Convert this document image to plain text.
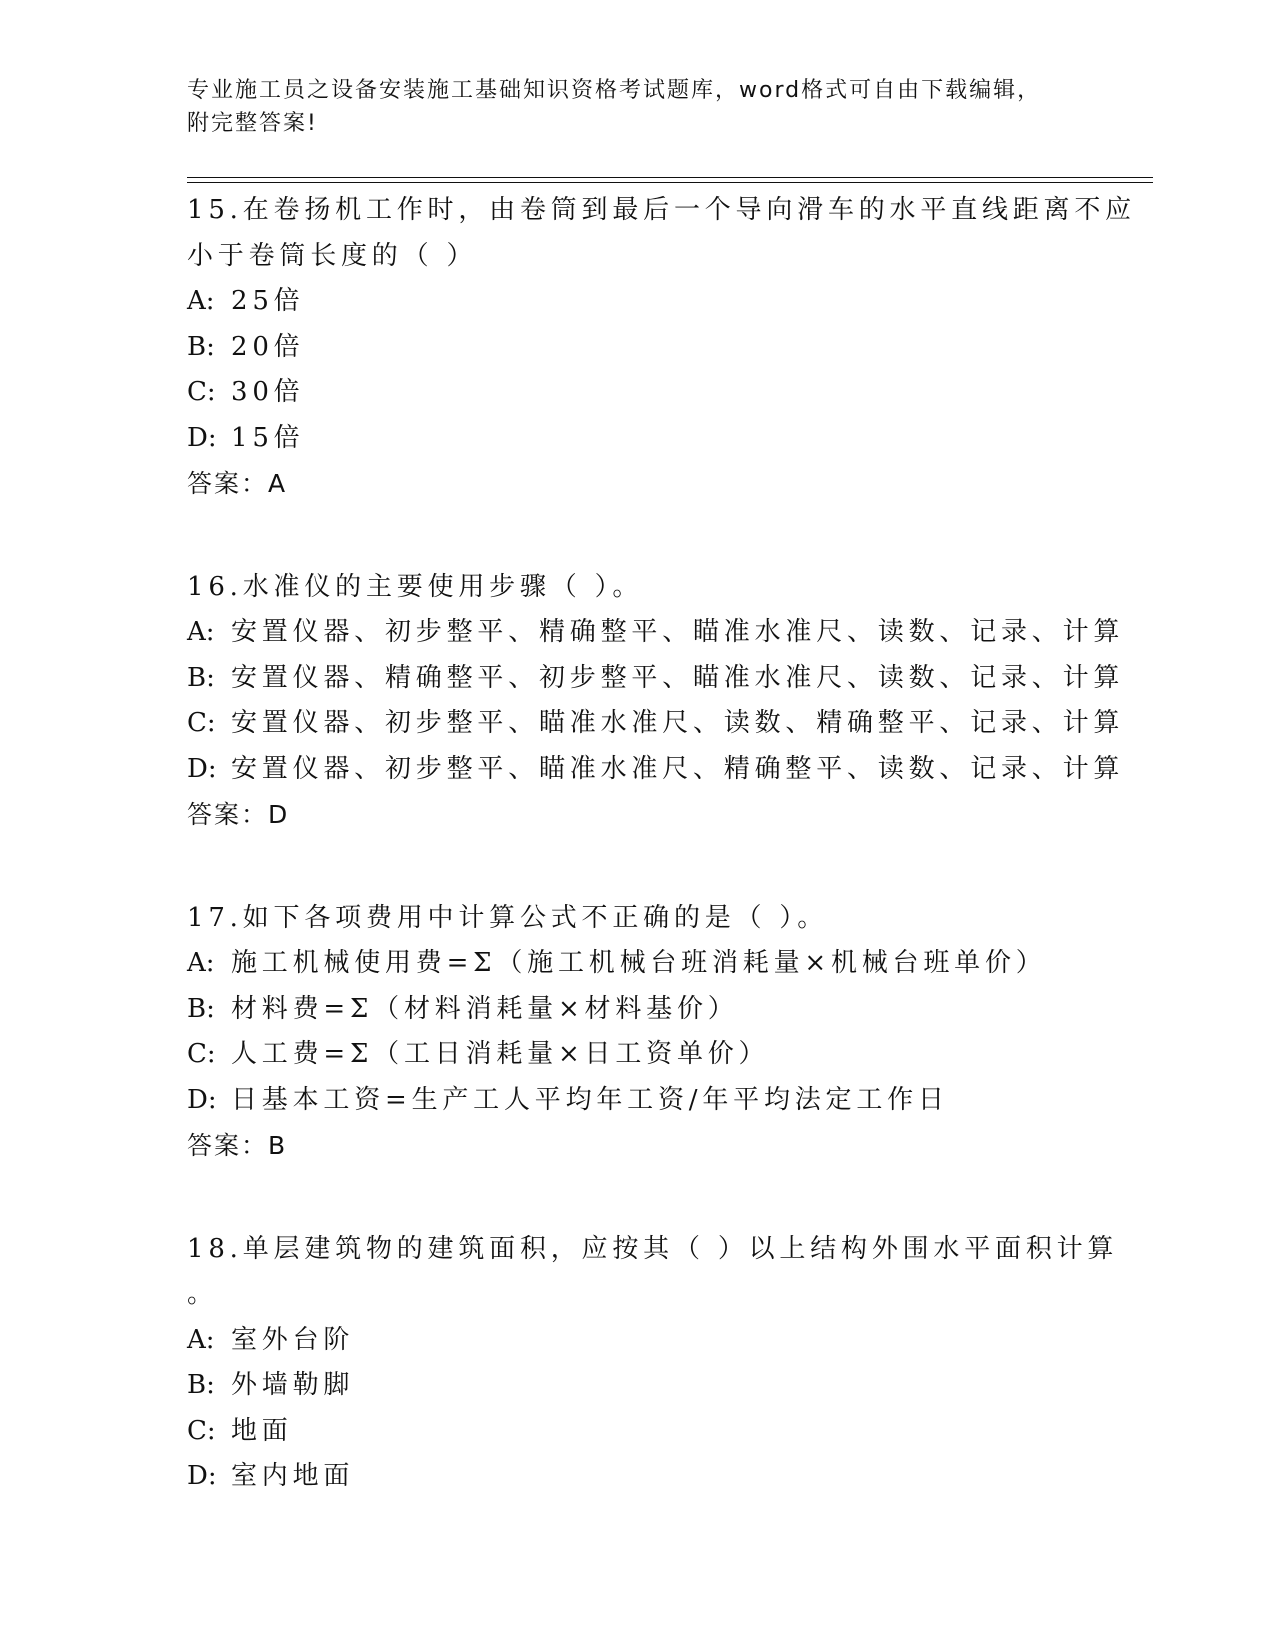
专业施工员之设备安装施工基础知识资格考试题库，word格式可自由下载编辑，
附完整答案!
15.在卷扬机工作时，由卷筒到最后一个导向滑车的水平直线距离不应
小于卷筒长度的（ ）
A: 25倍
B: 20倍
C: 30倍
D: 15倍
答案：A
16.水准仪的主要使用步骤（ ）。
A: 安置仪器、初步整平、精确整平、瞄准水准尺、读数、记录、计算
B: 安置仪器、精确整平、初步整平、瞄准水准尺、读数、记录、计算
C: 安置仪器、初步整平、瞄准水准尺、读数、精确整平、记录、计算
D: 安置仪器、初步整平、瞄准水准尺、精确整平、读数、记录、计算
答案：D
17.如下各项费用中计算公式不正确的是（ ）。
A: 施工机械使用费=Σ（施工机械台班消耗量×机械台班单价）
B: 材料费=Σ（材料消耗量×材料基价）
C: 人工费=Σ（工日消耗量×日工资单价）
D: 日基本工资=生产工人平均年工资/年平均法定工作日
答案：B
18.单层建筑物的建筑面积，应按其（ ）以上结构外围水平面积计算
。
A: 室外台阶
B: 外墙勒脚
C: 地面
D: 室内地面
